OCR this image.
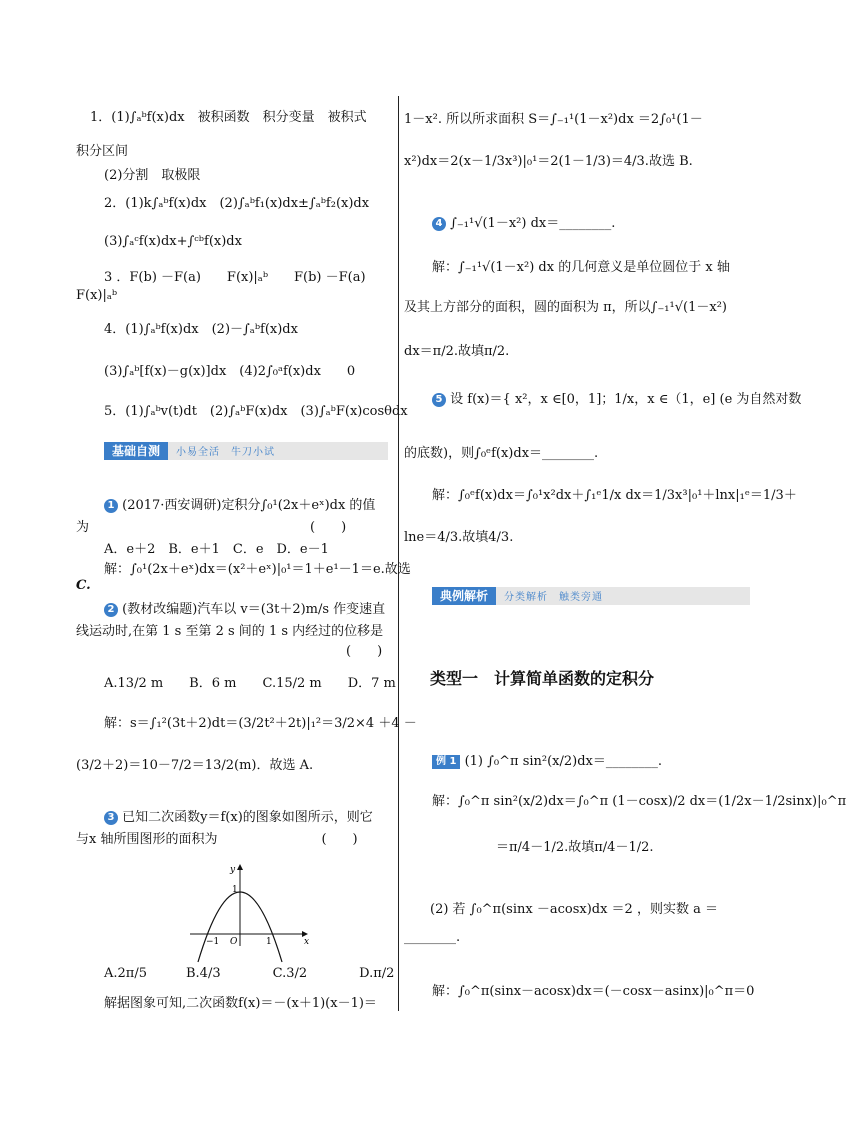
1．(1)∫ₐᵇf(x)dx　被积函数　积分变量　被积式
积分区间
(2)分割　取极限
2．(1)k∫ₐᵇf(x)dx　(2)∫ₐᵇf₁(x)dx±∫ₐᵇf₂(x)dx
(3)∫ₐᶜf(x)dx+∫ᶜᵇf(x)dx
3 ．F(b) －F(a)　　F(x)|ₐᵇ　　F(b) －F(a)
F(x)|ₐᵇ
4．(1)∫ₐᵇf(x)dx　(2)－∫ₐᵇf(x)dx
(3)∫ₐᵇ[f(x)－g(x)]dx　(4)2∫₀ᵃf(x)dx　　0
5．(1)∫ₐᵇv(t)dt　(2)∫ₐᵇF(x)dx　(3)∫ₐᵇF(x)cosθdx
基础自测 小易全活　牛刀小试
1 (2017·西安调研)定积分∫₀¹(2x＋eˣ)dx 的值
为　　　　　　　　　　　　　　　　　(　　)
A．e＋2　B．e＋1　C．e　D．e－1
解：∫₀¹(2x＋eˣ)dx＝(x²＋eˣ)|₀¹＝1＋e¹－1＝e.故选
C.
2 (教材改编题)汽车以 v＝(3t＋2)m/s 作变速直
线运动时,在第 1 s 至第 2 s 间的 1 s 内经过的位移是
(　　)
A.13/2 m　　B．6 m　　C.15/2 m　　D．7 m
解：s＝∫₁²(3t＋2)dt＝(3/2t²＋2t)|₁²＝3/2×4 ＋4 －
(3/2＋2)＝10－7/2＝13/2(m)．故选 A.
3 已知二次函数y＝f(x)的图象如图所示，则它
与x 轴所围图形的面积为　　　　　　　　(　　)
y
x
O
1
1
−1
A.2π/5　　　B.4/3　　　　C.3/2　　　　D.π/2
解据图象可知,二次函数f(x)＝－(x＋1)(x－1)＝
1－x². 所以所求面积 S＝∫₋₁¹(1－x²)dx ＝2∫₀¹(1－
x²)dx＝2(x－1/3x³)|₀¹＝2(1－1/3)＝4/3.故选 B.
4 ∫₋₁¹√(1－x²) dx＝________.
解：∫₋₁¹√(1－x²) dx 的几何意义是单位圆位于 x 轴
及其上方部分的面积，圆的面积为 π，所以∫₋₁¹√(1－x²)
dx＝π/2.故填π/2.
5 设 f(x)＝{ x²，x ∈[0，1]；1/x，x ∈（1，e] (e 为自然对数
的底数)，则∫₀ᵉf(x)dx＝________.
解：∫₀ᵉf(x)dx＝∫₀¹x²dx＋∫₁ᵉ1/x dx＝1/3x³|₀¹＋lnx|₁ᵉ＝1/3＋
lne＝4/3.故填4/3.
典例解析 分类解析　触类旁通
类型一　计算简单函数的定积分
例 1 (1) ∫₀^π sin²(x/2)dx＝________.
解：∫₀^π sin²(x/2)dx＝∫₀^π (1－cosx)/2 dx＝(1/2x－1/2sinx)|₀^π
＝π/4－1/2.故填π/4－1/2.
(2) 若 ∫₀^π(sinx －acosx)dx ＝2 ，则实数 a ＝
________.
解：∫₀^π(sinx－acosx)dx＝(－cosx－asinx)|₀^π＝0
